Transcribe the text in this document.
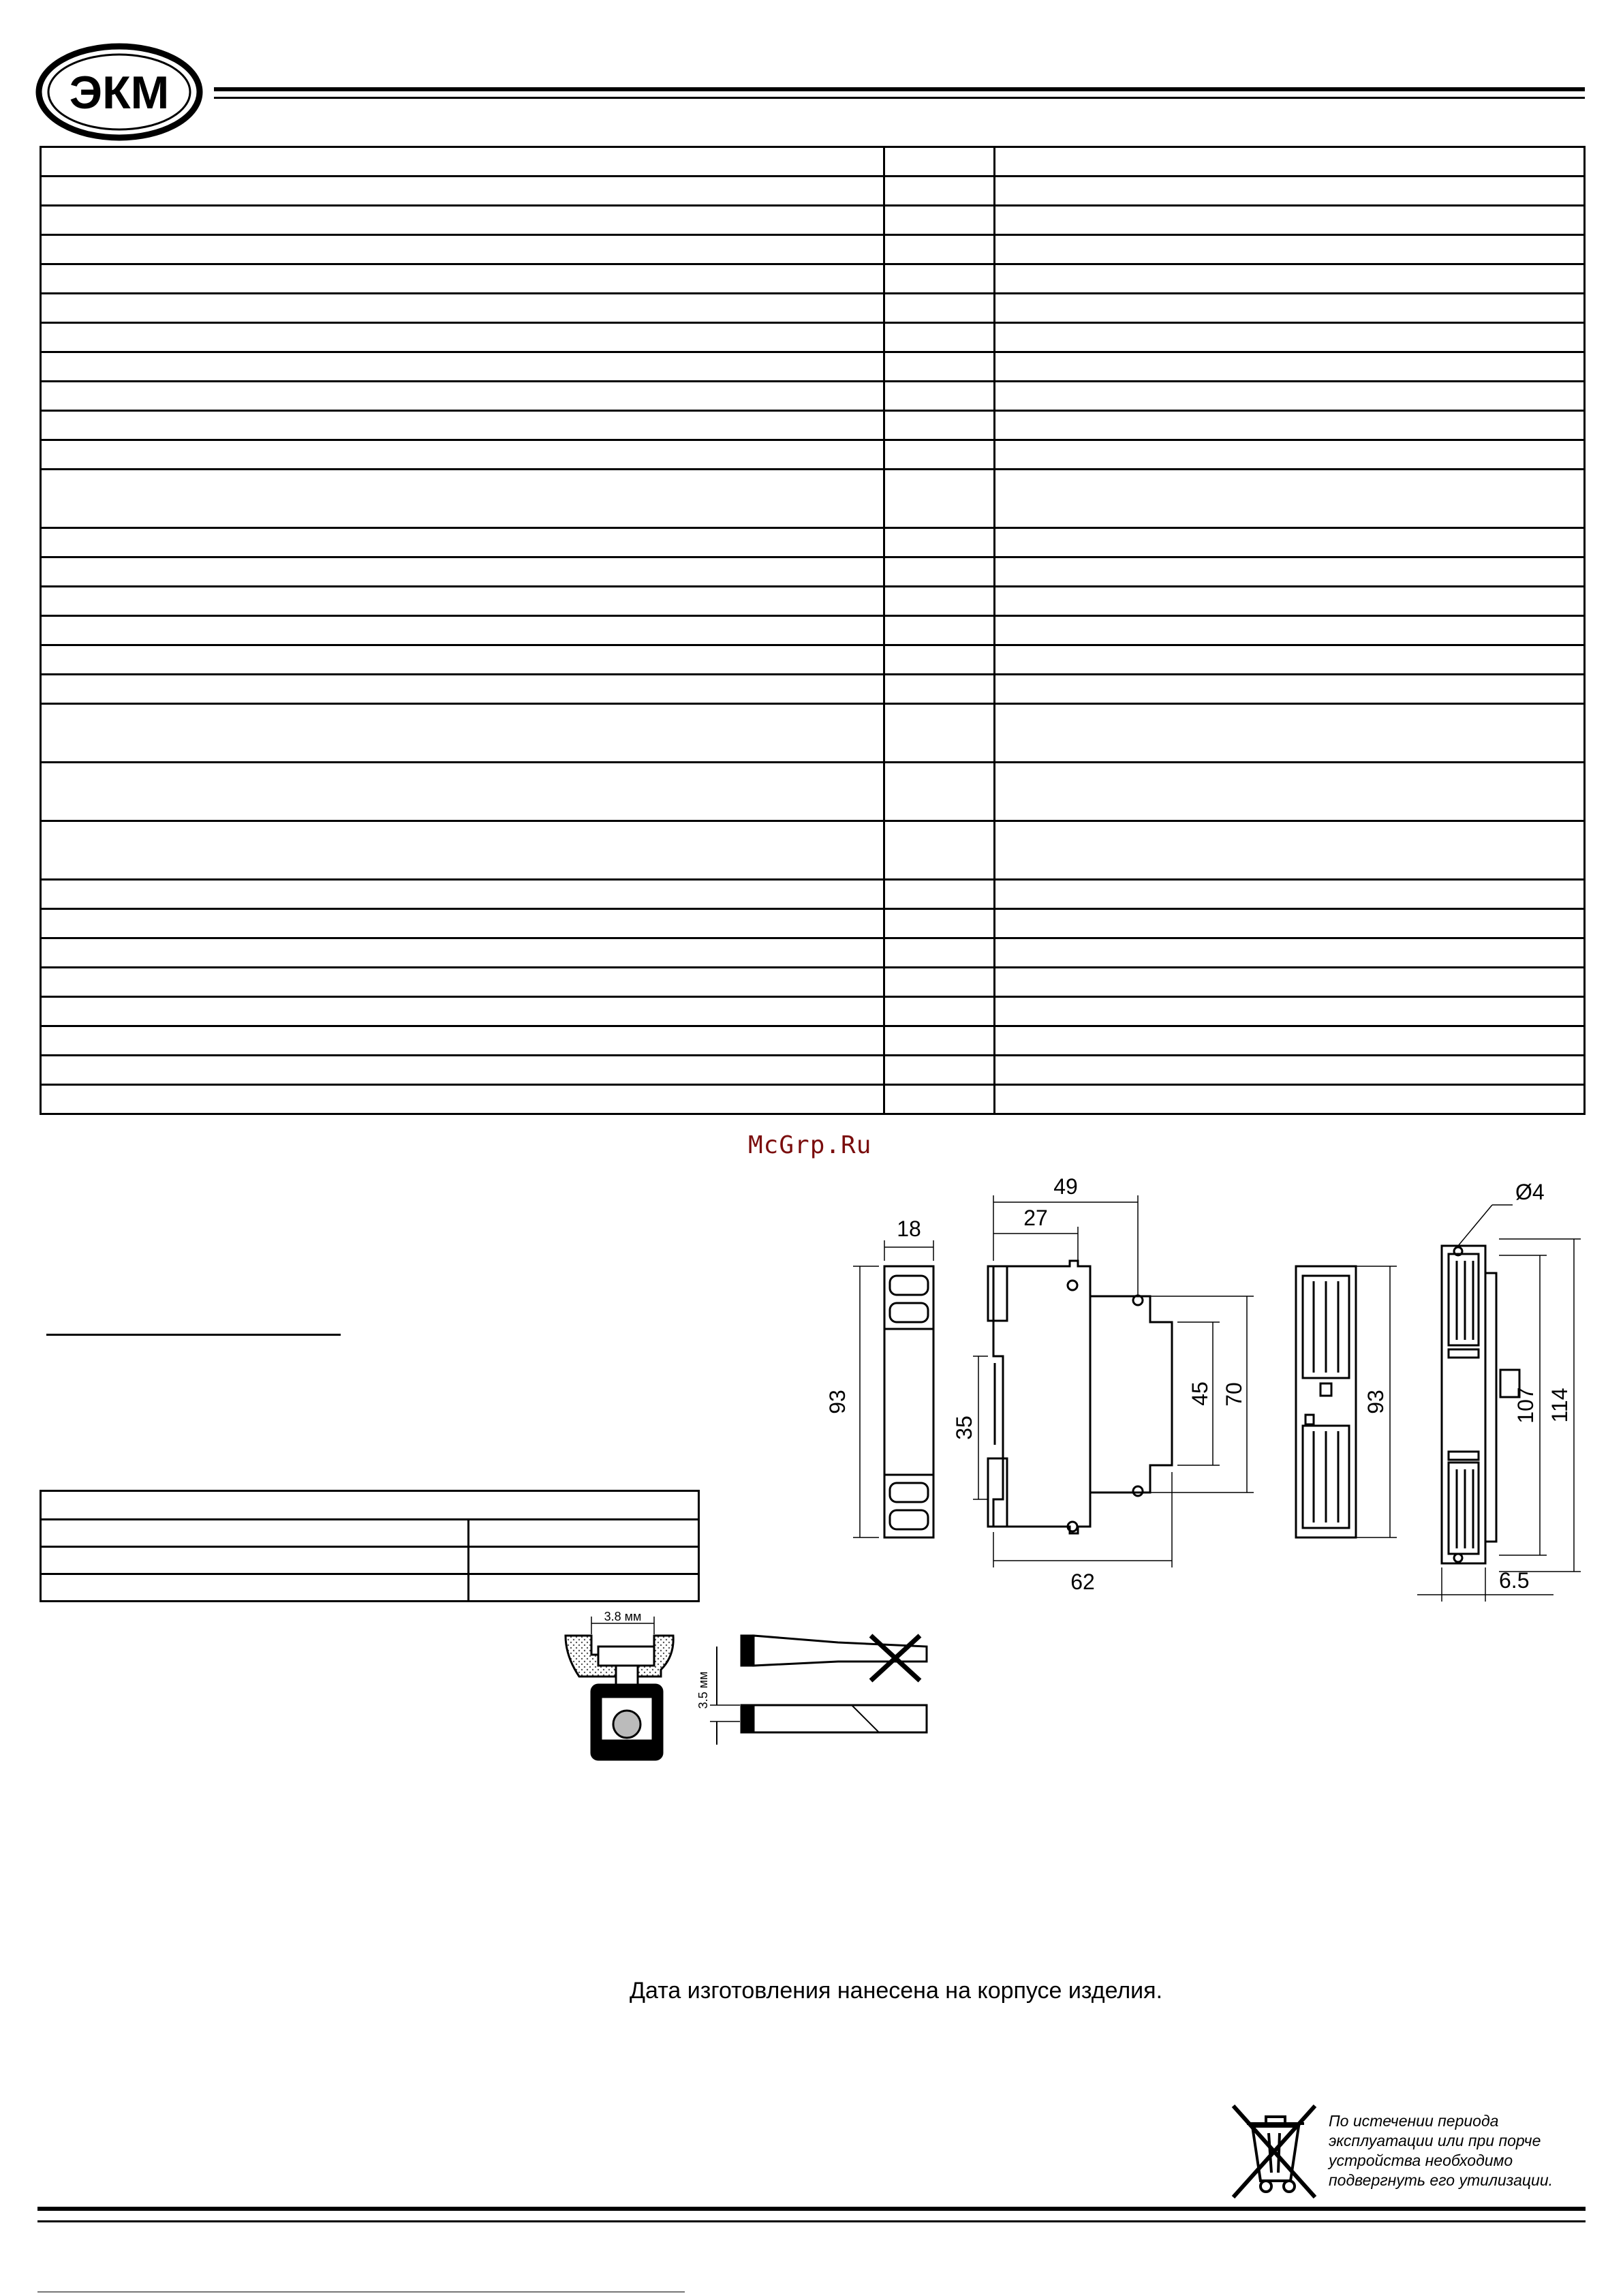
ЭКМ

McGrp.Ru

18
93
49
27
62
35
45 70	93
Ø4
107 114
6.5
3.8 мм
3.5 мм
Дата изготовления нанесена на корпусе изделия.
По истечении периода
эксплуатации или при порче
устройства необходимо
подвергнуть его утилизации.
